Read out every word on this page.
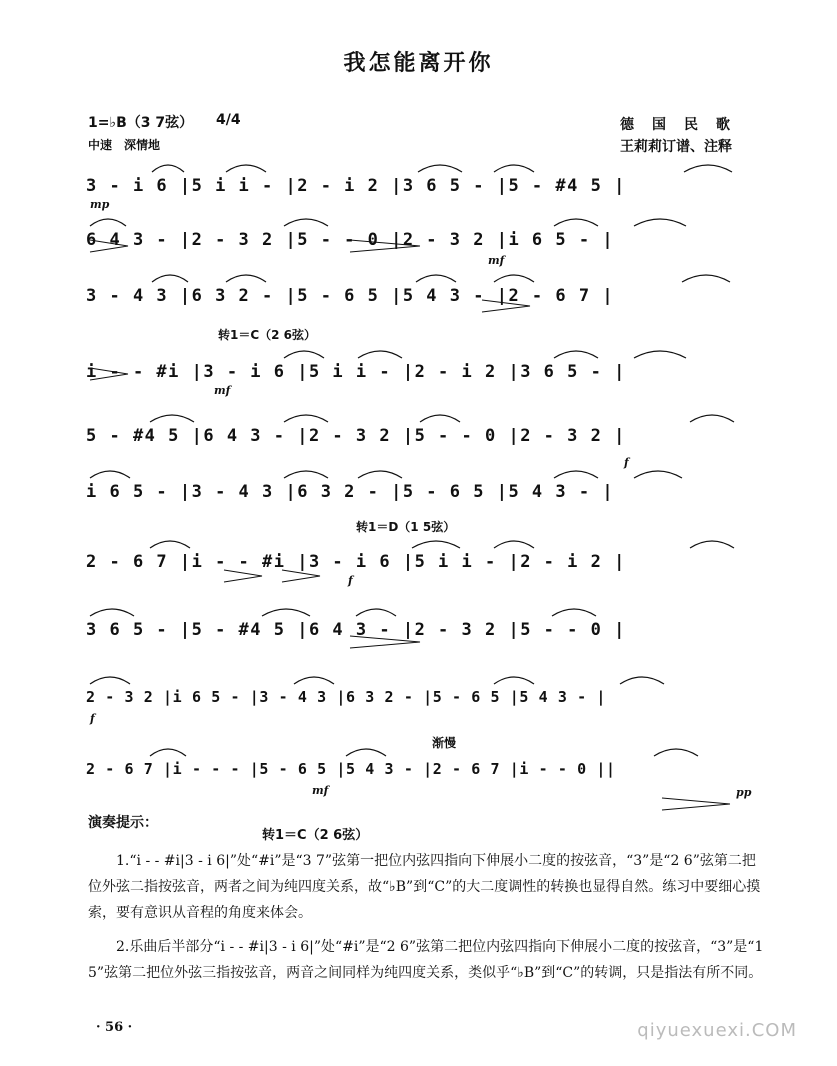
我怎能离开你
1=♭B（3 7弦） 4/4
中速　深情地
德　国　民　歌
王莉莉订谱、注释
3 - i 6 |5 i i - |2 - i 2 |3 6 5 - |5 - #4 5 |
6 4 3 - |2 - 3 2 |5 - - 0 |2 - 3 2 |i 6 5 - |
3 - 4 3 |6 3 2 - |5 - 6 5 |5 4 3 - |2 - 6 7 |
i - - #i |3 - i 6 |5 i i - |2 - i 2 |3 6 5 - |
5 - #4 5 |6 4 3 - |2 - 3 2 |5 - - 0 |2 - 3 2 |
i 6 5 - |3 - 4 3 |6 3 2 - |5 - 6 5 |5 4 3 - |
2 - 6 7 |i - - #i |3 - i 6 |5 i i - |2 - i 2 |
3 6 5 - |5 - #4 5 |6 4 3 - |2 - 3 2 |5 - - 0 |
2 - 3 2 |i 6 5 - |3 - 4 3 |6 3 2 - |5 - 6 5 |5 4 3 - |
2 - 6 7 |i - - - |5 - 6 5 |5 4 3 - |2 - 6 7 |i - - 0 ||
转1＝C（2 6弦）
转1＝D（1 5弦）
渐慢
mp
mf
mf
f
f
f
mf	pp
演奏提示：
转1＝C（2 6弦）
1.“i - - #i|3 - i 6|”处“#i”是“3 7”弦第一把位内弦四指向下伸展小二度的按弦音，“3”是“2 6”弦第二把位外弦二指按弦音，两者之间为纯四度关系，故“♭B”到“C”的大二度调性的转换也显得自然。练习中要细心摸索，要有意识从音程的角度来体会。
2.乐曲后半部分“i - - #i|3 - i 6|”处“#i”是“2 6”弦第二把位内弦四指向下伸展小二度的按弦音，“3”是“1 5”弦第二把位外弦三指按弦音，两音之间同样为纯四度关系，类似乎“♭B”到“C”的转调，只是指法有所不同。
· 56 ·	qiyuexuexi.COM
